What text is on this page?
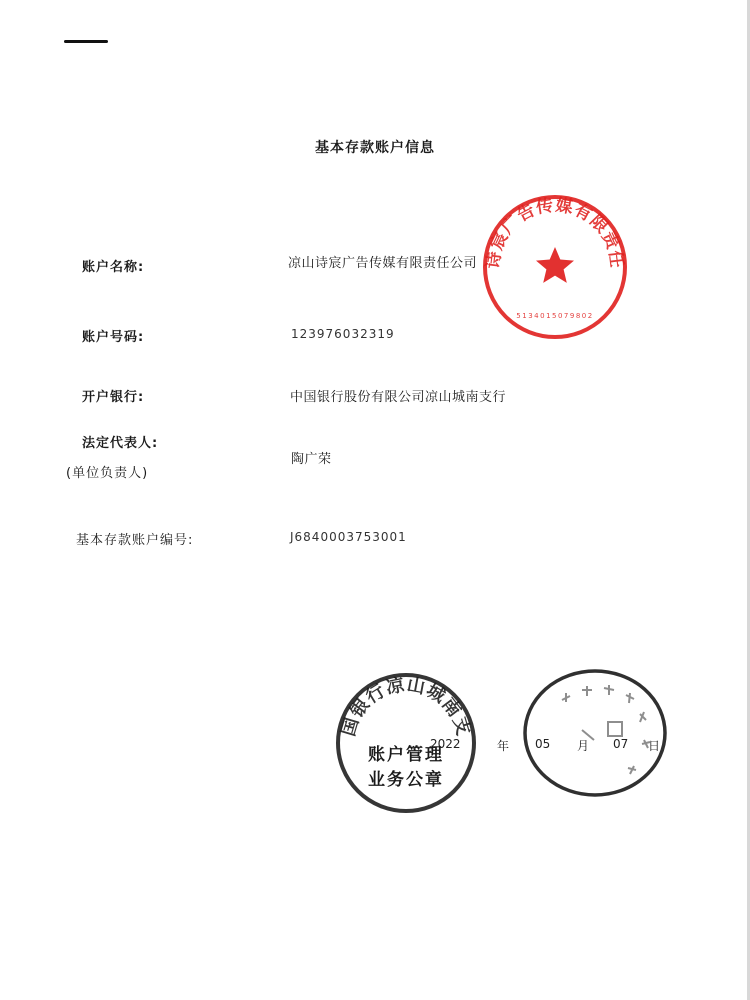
基本存款账户信息
账户名称:	凉山诗宸广告传媒有限责任公司
账户号码:	123976032319
开户银行:	中国银行股份有限公司凉山城南支行
法定代表人:
(单位负责人)
陶广荣
基本存款账户编号:	J6840003753001
2022	年 05 月 07 日
凉山诗宸广告传媒有限责任公司
5134015079802
中国银行凉山城南支行
账户管理
业务公章
